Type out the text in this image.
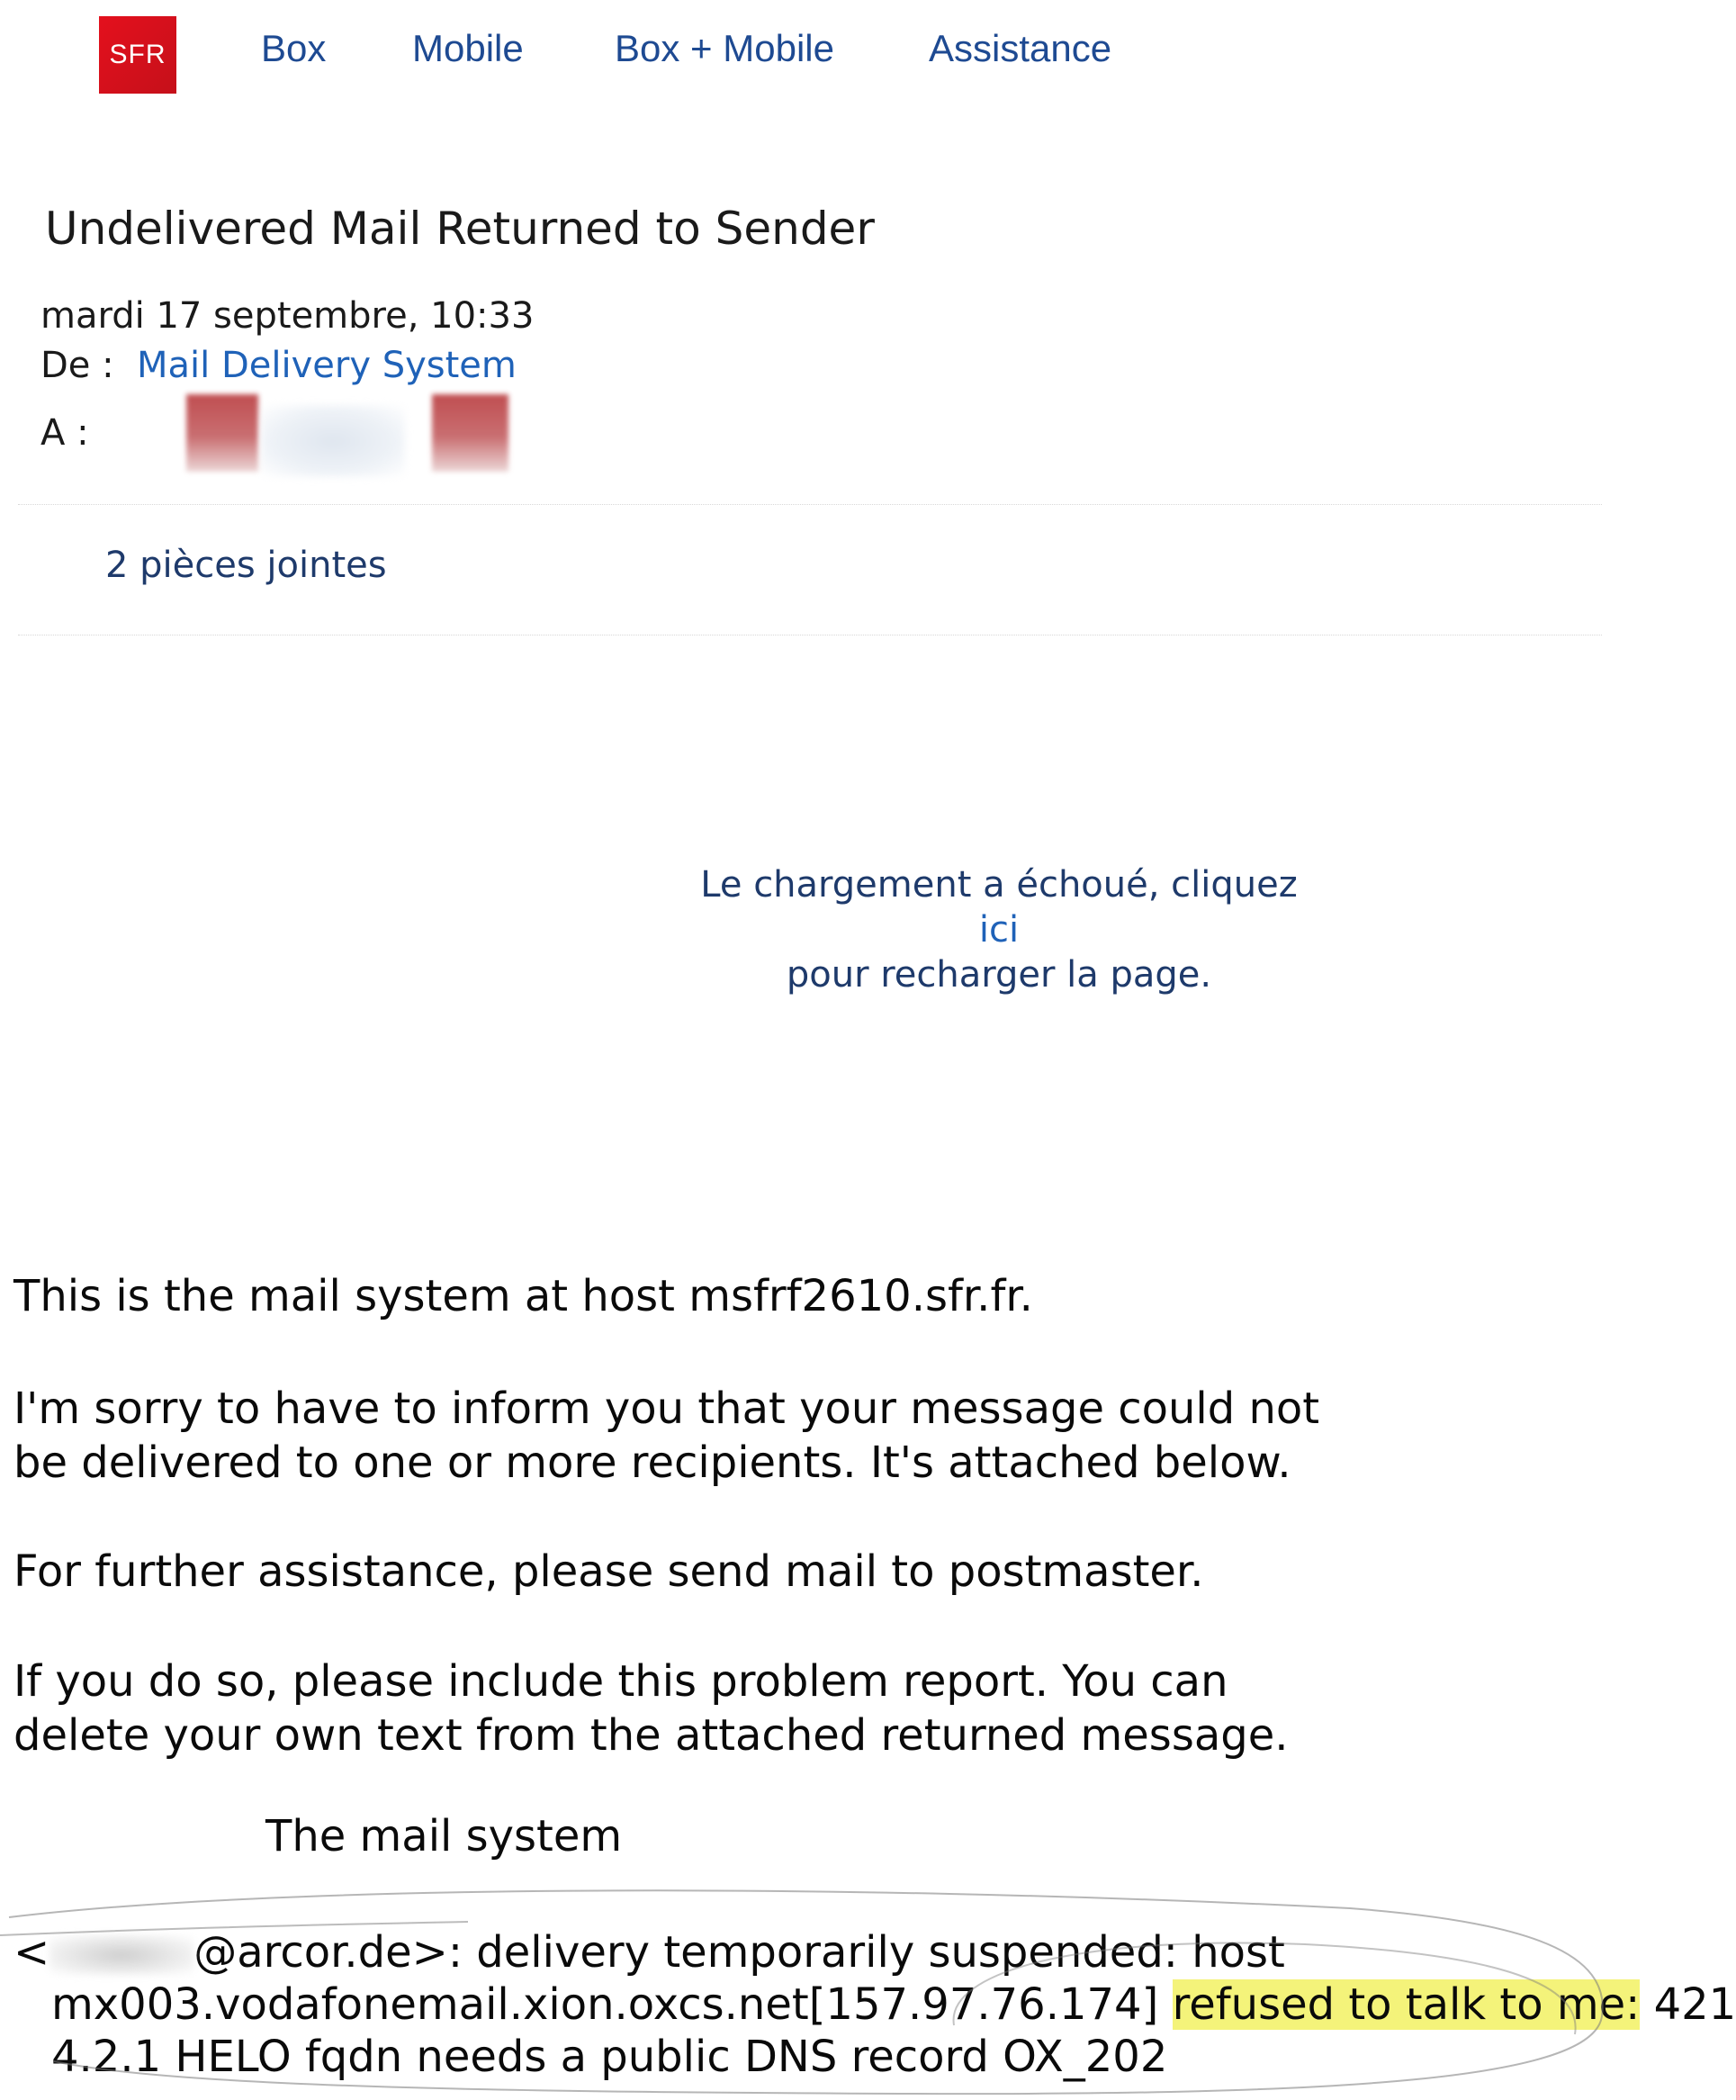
SFR	Box Mobile Box + Mobile	Assistance
Undelivered Mail Returned to Sender
mardi 17 septembre, 10:33
De : Mail Delivery System
A :
2 pièces jointes
Le chargement a échoué, cliquez
ici
pour recharger la page.
This is the mail system at host msfrf2610.sfr.fr.
I'm sorry to have to inform you that your message could not
be delivered to one or more recipients. It's attached below.
For further assistance, please send mail to postmaster.
If you do so, please include this problem report. You can
delete your own text from the attached returned message.
The mail system
<	@arcor.de>: delivery temporarily suspended: host
mx003.vodafonemail.xion.oxcs.net[157.97.76.174] refused to talk to me: 421
4.2.1 HELO fqdn needs a public DNS record OX_202
